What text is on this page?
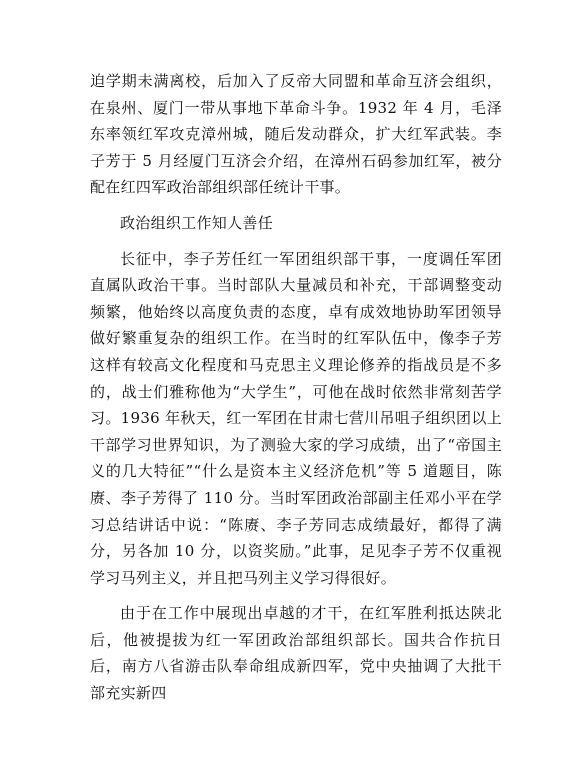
迫学期未满离校，后加入了反帝大同盟和革命互济会组织，在泉州、厦门一带从事地下革命斗争。1932 年 4 月，毛泽东率领红军攻克漳州城，随后发动群众，扩大红军武装。李子芳于 5 月经厦门互济会介绍，在漳州石码参加红军，被分配在红四军政治部组织部任统计干事。

政治组织工作知人善任

长征中，李子芳任红一军团组织部干事，一度调任军团直属队政治干事。当时部队大量减员和补充，干部调整变动频繁，他始终以高度负责的态度，卓有成效地协助军团领导做好繁重复杂的组织工作。在当时的红军队伍中，像李子芳这样有较高文化程度和马克思主义理论修养的指战员是不多的，战士们雅称他为“大学生”，可他在战时依然非常刻苦学习。1936 年秋天，红一军团在甘肃七营川吊咀子组织团以上干部学习世界知识，为了测验大家的学习成绩，出了“帝国主义的几大特征”“什么是资本主义经济危机”等 5 道题目，陈赓、李子芳得了 110 分。当时军团政治部副主任邓小平在学习总结讲话中说：“陈赓、李子芳同志成绩最好，都得了满分，另各加 10 分，以资奖励。”此事，足见李子芳不仅重视学习马列主义，并且把马列主义学习得很好。

由于在工作中展现出卓越的才干，在红军胜利抵达陕北后，他被提拔为红一军团政治部组织部长。国共合作抗日后，南方八省游击队奉命组成新四军，党中央抽调了大批干部充实新四
